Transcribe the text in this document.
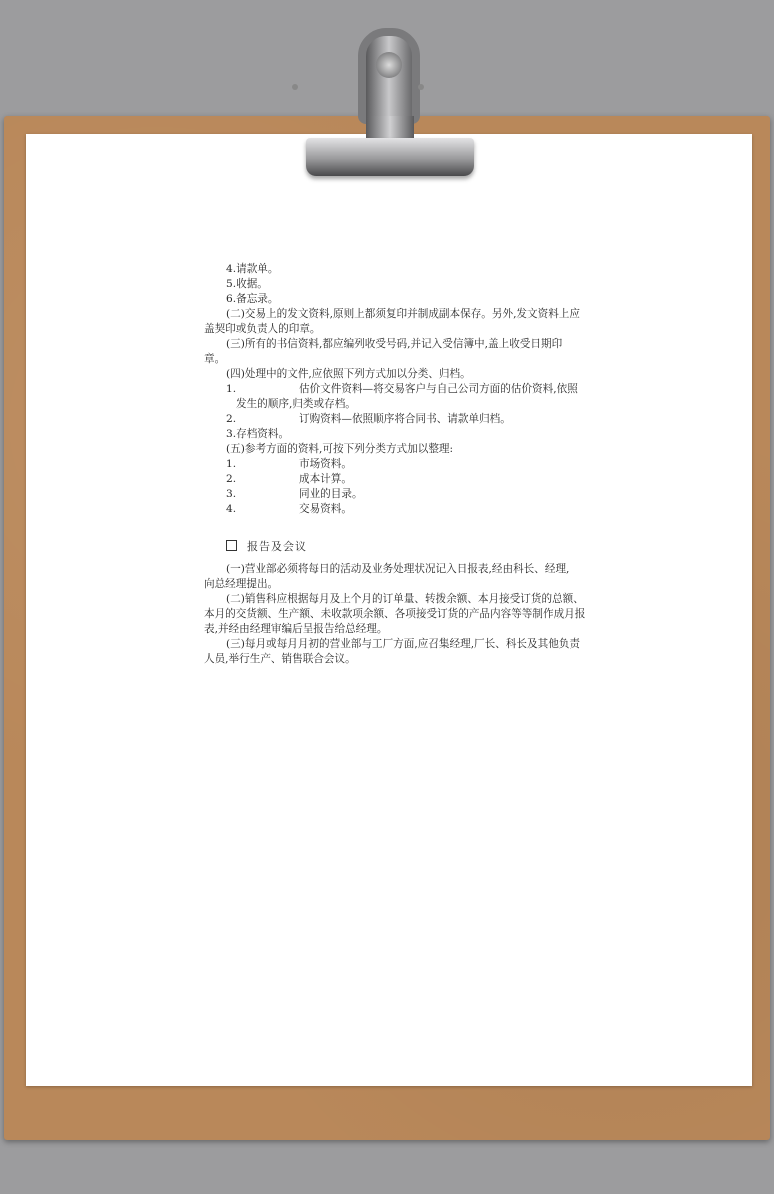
4.请款单。
5.收据。
6.备忘录。
(二)交易上的发文资料,原则上都须复印并制成副本保存。另外,发文资料上应
盖契印或负责人的印章。
(三)所有的书信资料,都应编列收受号码,并记入受信簿中,盖上收受日期印
章。
(四)处理中的文件,应依照下列方式加以分类、归档。
1.	估价文件资料—将交易客户与自己公司方面的估价资料,依照
发生的顺序,归类或存档。
2.	订购资料—依照顺序将合同书、请款单归档。
3.存档资料。
(五)参考方面的资料,可按下列分类方式加以整理:
1.	市场资料。
2.	成本计算。
3.	同业的目录。
4.	交易资料。
报告及会议
(一)营业部必须将每日的活动及业务处理状况记入日报表,经由科长、经理,
向总经理提出。
(二)销售科应根据每月及上个月的订单量、转拨余额、本月接受订货的总额、
本月的交货额、生产额、未收款项余额、各项接受订货的产品内容等等制作成月报
表,并经由经理审编后呈报告给总经理。
(三)每月或每月月初的营业部与工厂方面,应召集经理,厂长、科长及其他负责
人员,举行生产、销售联合会议。
